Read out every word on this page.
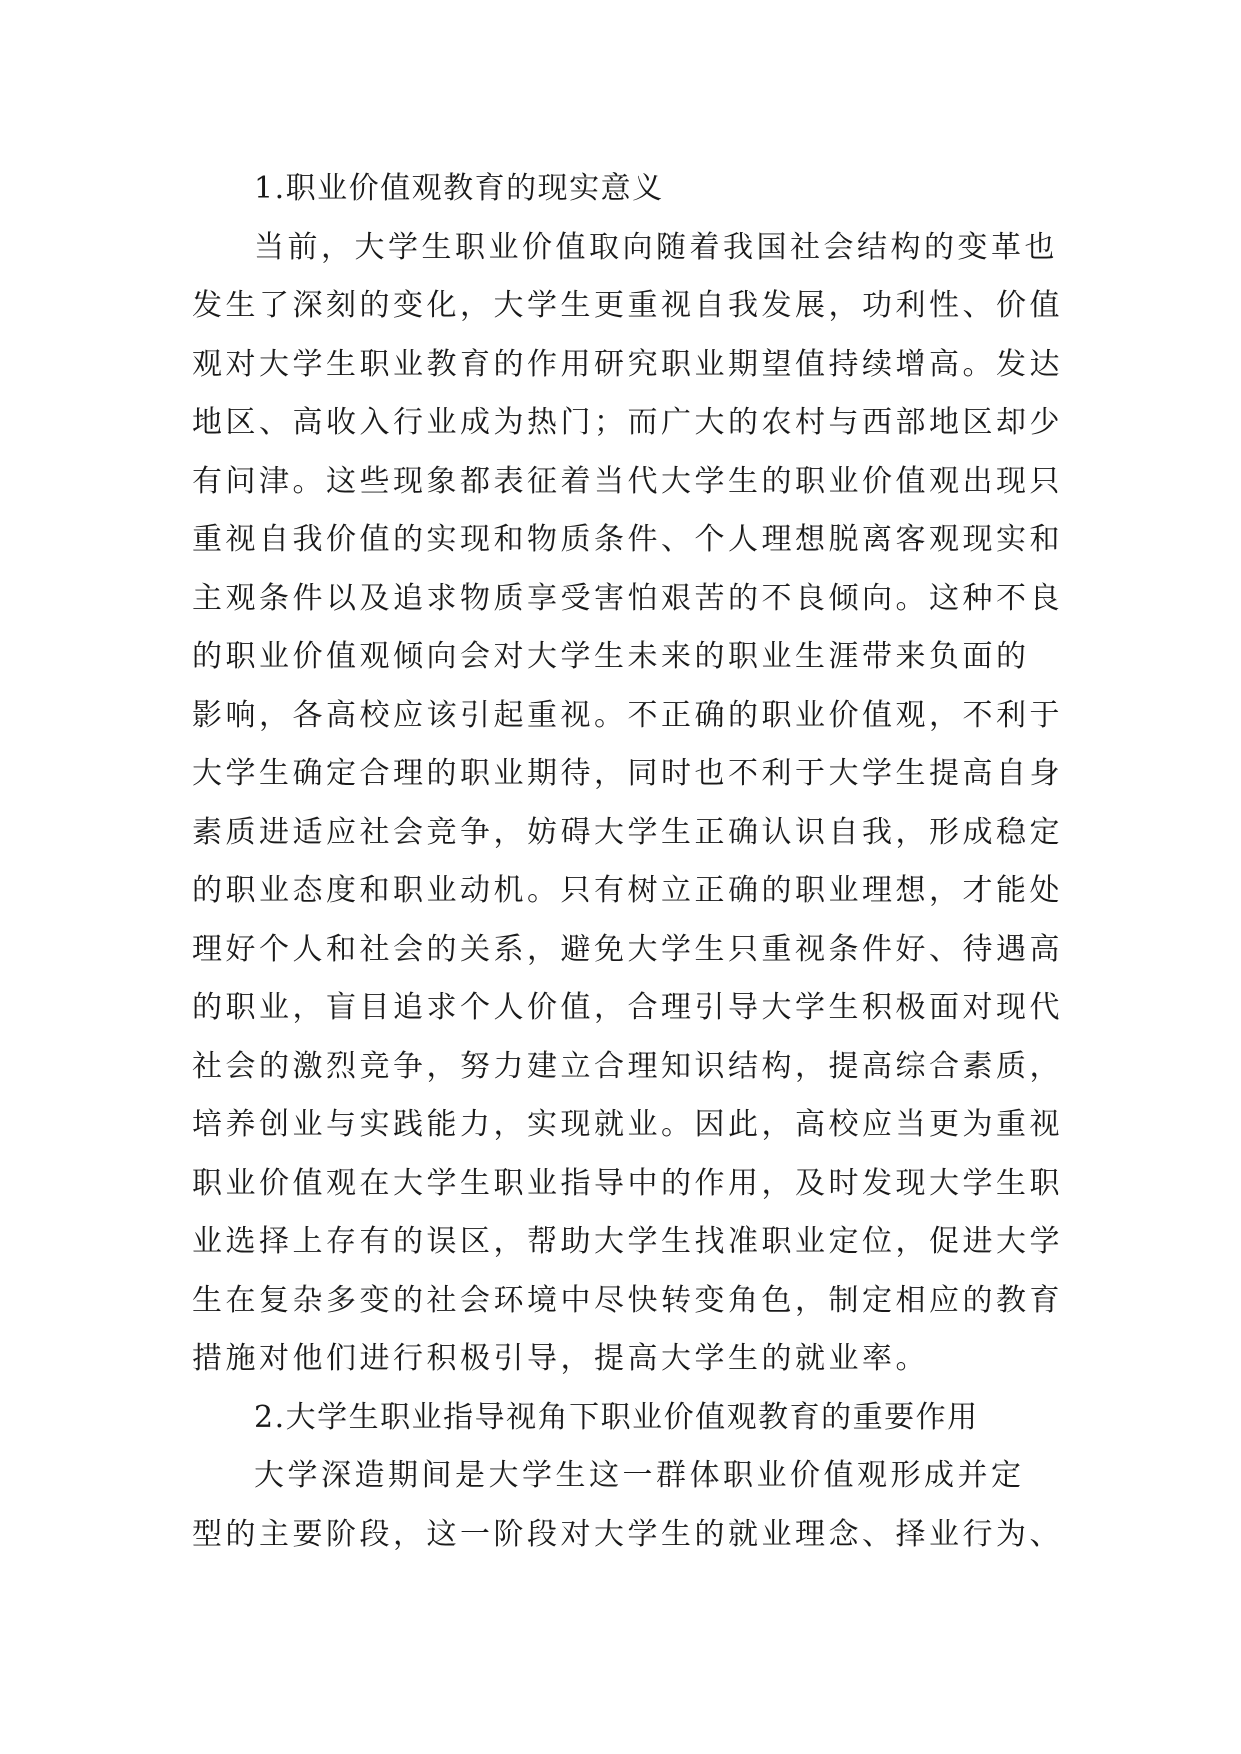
1.职业价值观教育的现实意义
当前，大学生职业价值取向随着我国社会结构的变革也
发生了深刻的变化，大学生更重视自我发展，功利性、价值
观对大学生职业教育的作用研究职业期望值持续增高。发达
地区、高收入行业成为热门；而广大的农村与西部地区却少
有问津。这些现象都表征着当代大学生的职业价值观出现只
重视自我价值的实现和物质条件、个人理想脱离客观现实和
主观条件以及追求物质享受害怕艰苦的不良倾向。这种不良
的职业价值观倾向会对大学生未来的职业生涯带来负面的
影响，各高校应该引起重视。不正确的职业价值观，不利于
大学生确定合理的职业期待，同时也不利于大学生提高自身
素质进适应社会竞争，妨碍大学生正确认识自我，形成稳定
的职业态度和职业动机。只有树立正确的职业理想，才能处
理好个人和社会的关系，避免大学生只重视条件好、待遇高
的职业，盲目追求个人价值，合理引导大学生积极面对现代
社会的激烈竞争，努力建立合理知识结构，提高综合素质，
培养创业与实践能力，实现就业。因此，高校应当更为重视
职业价值观在大学生职业指导中的作用，及时发现大学生职
业选择上存有的误区，帮助大学生找准职业定位，促进大学
生在复杂多变的社会环境中尽快转变角色，制定相应的教育
措施对他们进行积极引导，提高大学生的就业率。
2.大学生职业指导视角下职业价值观教育的重要作用
大学深造期间是大学生这一群体职业价值观形成并定
型的主要阶段，这一阶段对大学生的就业理念、择业行为、
